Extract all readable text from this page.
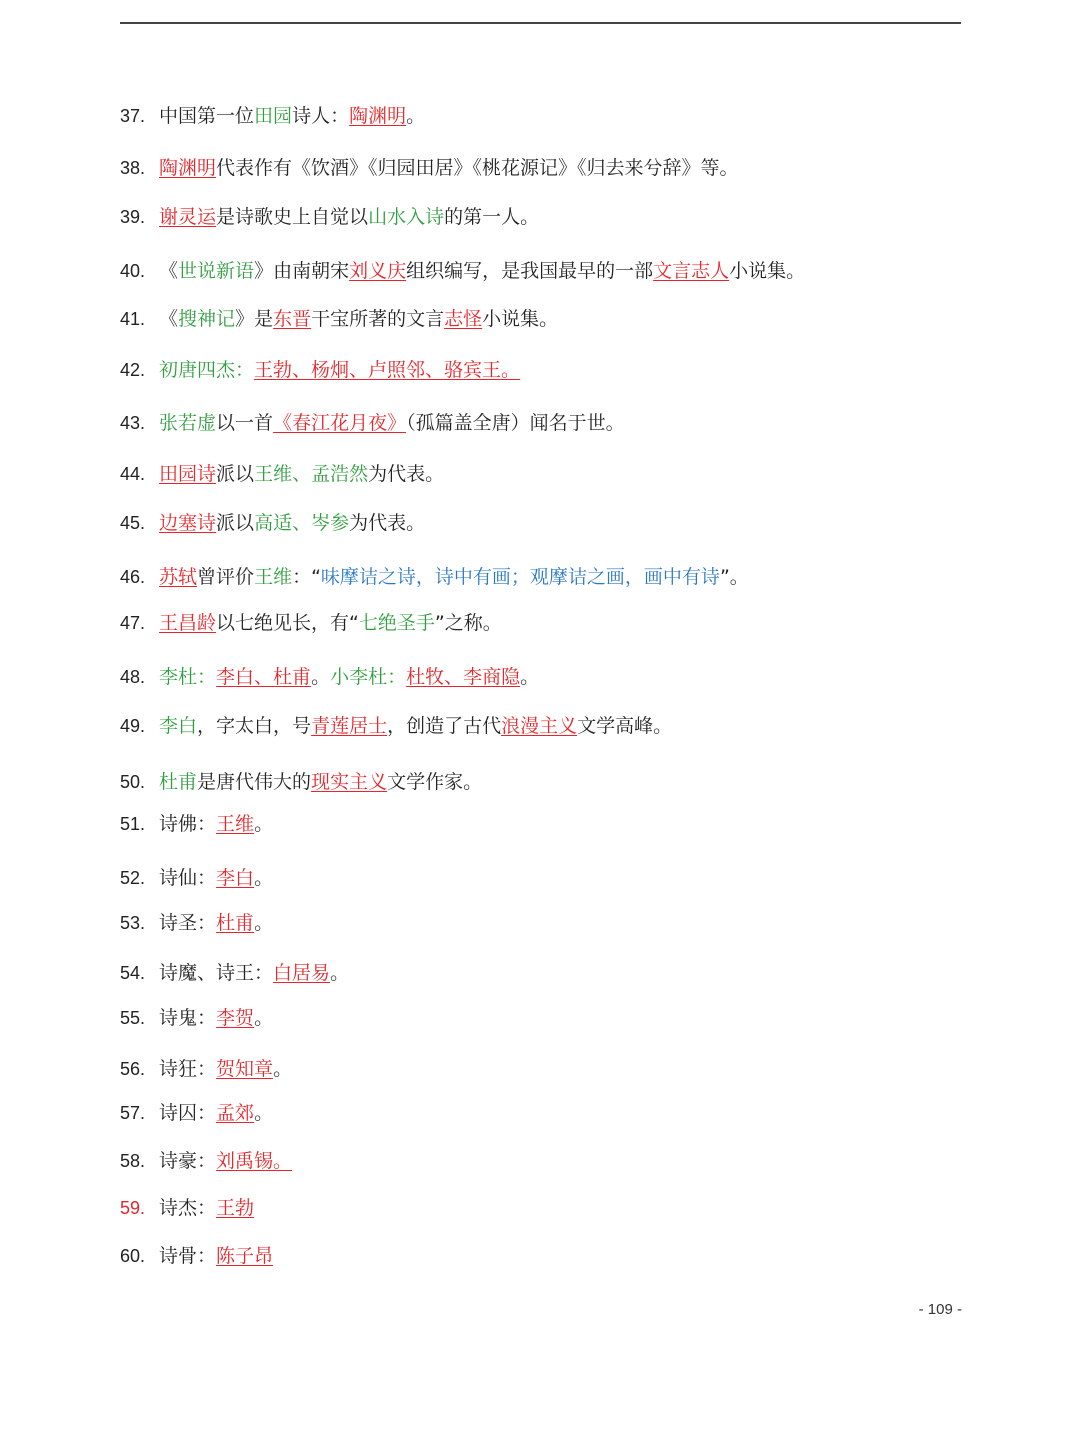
37. 中国第一位田园诗人：陶渊明。
38. 陶渊明代表作有《饮酒》《归园田居》《桃花源记》《归去来兮辞》等。
39. 谢灵运是诗歌史上自觉以山水入诗的第一人。
40. 《世说新语》由南朝宋刘义庆组织编写，是我国最早的一部文言志人小说集。
41. 《搜神记》是东晋干宝所著的文言志怪小说集。
42. 初唐四杰：王勃、杨炯、卢照邻、骆宾王。
43. 张若虚以一首《春江花月夜》（孤篇盖全唐）闻名于世。
44. 田园诗派以王维、孟浩然为代表。
45. 边塞诗派以高适、岑参为代表。
46. 苏轼曾评价王维：“味摩诘之诗，诗中有画；观摩诘之画，画中有诗”。
47. 王昌龄以七绝见长，有“七绝圣手”之称。
48. 李杜：李白、杜甫。小李杜：杜牧、李商隐。
49. 李白，字太白，号青莲居士，创造了古代浪漫主义文学高峰。
50. 杜甫是唐代伟大的现实主义文学作家。
51. 诗佛：王维。
52. 诗仙：李白。
53. 诗圣：杜甫。
54. 诗魔、诗王：白居易。
55. 诗鬼：李贺。
56. 诗狂：贺知章。
57. 诗囚：孟郊。
58. 诗豪：刘禹锡。
59. 诗杰：王勃
60. 诗骨：陈子昂
- 109 -
